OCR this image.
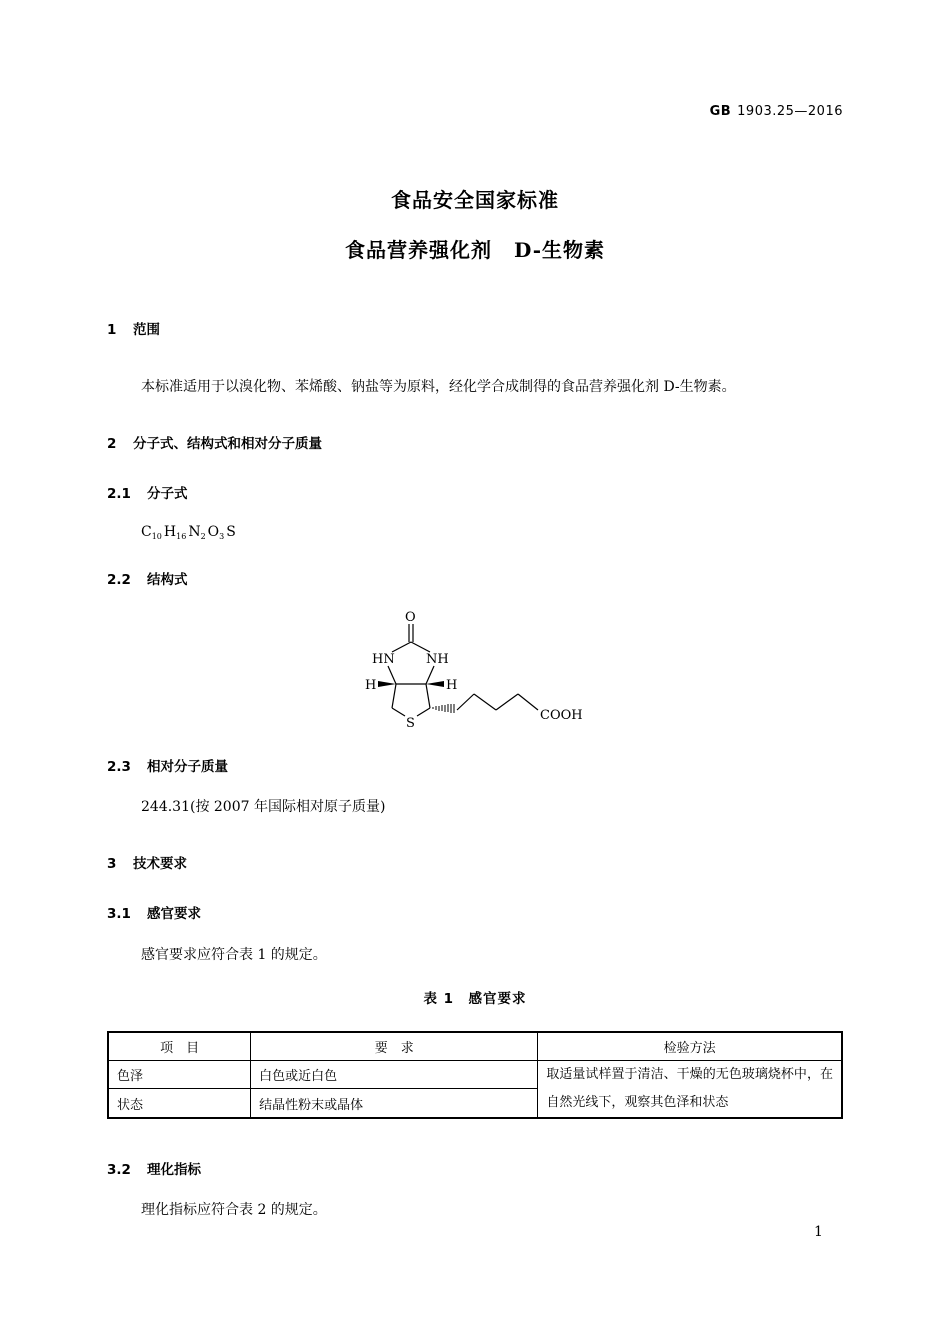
GB 1903.25—2016
食品安全国家标准
食品营养强化剂 D-生物素
1 范围
本标准适用于以溴化物、苯烯酸、钠盐等为原料，经化学合成制得的食品营养强化剂 D-生物素。
2 分子式、结构式和相对分子质量
2.1 分子式
$C_{10}$ $H_{16}$ $N_2$ $O_3$ S
2.2 结构式
O
HN NH
H	H
S
COOH
2.3 相对分子质量
244.31(按 2007 年国际相对原子质量)
3 技术要求
3.1 感官要求
感官要求应符合表 1 的规定。
表 1　感官要求
项　目	要　求	检验方法
色泽	白色或近白色	取适量试样置于清洁、干燥的无色玻璃烧杯中，在自然光线下，观察其色泽和状态
状态	结晶性粉末或晶体	
3.2 理化指标
理化指标应符合表 2 的规定。
1
